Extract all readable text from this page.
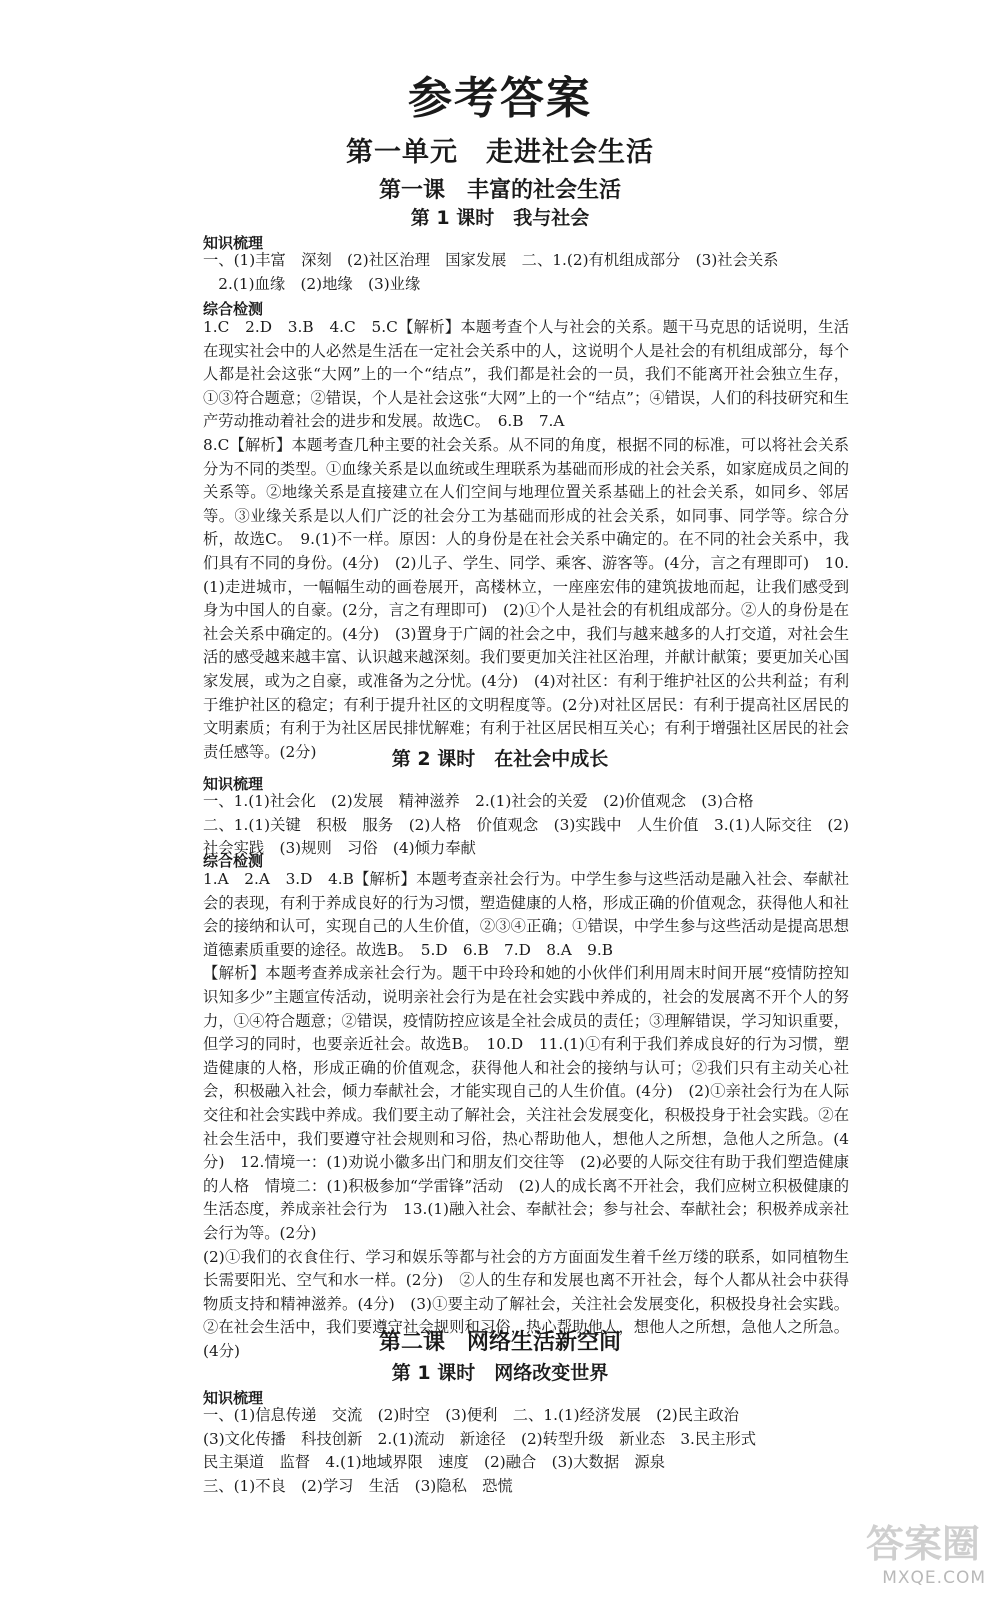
参考答案
第一单元　走进社会生活
第一课　丰富的社会生活
第 1 课时　我与社会
知识梳理
一、(1)丰富　深刻　(2)社区治理　国家发展　二、1.(2)有机组成部分　(3)社会关系
　2.(1)血缘　(2)地缘　(3)业缘
综合检测
1.C　2.D　3.B　4.C　5.C【解析】本题考查个人与社会的关系。题干马克思的话说明，生活在现实社会中的人必然是生活在一定社会关系中的人，这说明个人是社会的有机组成部分，每个人都是社会这张“大网”上的一个“结点”，我们都是社会的一员，我们不能离开社会独立生存，①③符合题意；②错误，个人是社会这张“大网”上的一个“结点”；④错误，人们的科技研究和生产劳动推动着社会的进步和发展。故选C。　6.B　7.A
8.C【解析】本题考查几种主要的社会关系。从不同的角度，根据不同的标准，可以将社会关系分为不同的类型。①血缘关系是以血统或生理联系为基础而形成的社会关系，如家庭成员之间的关系等。②地缘关系是直接建立在人们空间与地理位置关系基础上的社会关系，如同乡、邻居等。③业缘关系是以人们广泛的社会分工为基础而形成的社会关系，如同事、同学等。综合分析，故选C。　9.(1)不一样。原因：人的身份是在社会关系中确定的。在不同的社会关系中，我们具有不同的身份。(4分)　(2)儿子、学生、同学、乘客、游客等。(4分，言之有理即可)　10.(1)走进城市，一幅幅生动的画卷展开，高楼林立，一座座宏伟的建筑拔地而起，让我们感受到身为中国人的自豪。(2分，言之有理即可)　(2)①个人是社会的有机组成部分。②人的身份是在社会关系中确定的。(4分)　(3)置身于广阔的社会之中，我们与越来越多的人打交道，对社会生活的感受越来越丰富、认识越来越深刻。我们要更加关注社区治理，并献计献策；要更加关心国家发展，或为之自豪，或准备为之分忧。(4分)　(4)对社区：有利于维护社区的公共利益；有利于维护社区的稳定；有利于提升社区的文明程度等。(2分)对社区居民：有利于提高社区居民的文明素质；有利于为社区居民排忧解难；有利于社区居民相互关心；有利于增强社区居民的社会责任感等。(2分)	第 2 课时　在社会中成长
知识梳理
一、1.(1)社会化　(2)发展　精神滋养　2.(1)社会的关爱　(2)价值观念　(3)合格
二、1.(1)关键　积极　服务　(2)人格　价值观念　(3)实践中　人生价值　3.(1)人际交往　(2)社会实践　(3)规则　习俗　(4)倾力奉献
综合检测
1.A　2.A　3.D　4.B【解析】本题考查亲社会行为。中学生参与这些活动是融入社会、奉献社会的表现，有利于养成良好的行为习惯，塑造健康的人格，形成正确的价值观念，获得他人和社会的接纳和认可，实现自己的人生价值，②③④正确；①错误，中学生参与这些活动是提高思想道德素质重要的途径。故选B。　5.D　6.B　7.D　8.A　9.B
【解析】本题考查养成亲社会行为。题干中玲玲和她的小伙伴们利用周末时间开展“疫情防控知识知多少”主题宣传活动，说明亲社会行为是在社会实践中养成的，社会的发展离不开个人的努力，①④符合题意；②错误，疫情防控应该是全社会成员的责任；③理解错误，学习知识重要，但学习的同时，也要亲近社会。故选B。　10.D　11.(1)①有利于我们养成良好的行为习惯，塑造健康的人格，形成正确的价值观念，获得他人和社会的接纳与认可；②我们只有主动关心社会，积极融入社会，倾力奉献社会，才能实现自己的人生价值。(4分)　(2)①亲社会行为在人际交往和社会实践中养成。我们要主动了解社会，关注社会发展变化，积极投身于社会实践。②在社会生活中，我们要遵守社会规则和习俗，热心帮助他人，想他人之所想，急他人之所急。(4分)　12.情境一：(1)劝说小徽多出门和朋友们交往等　(2)必要的人际交往有助于我们塑造健康的人格　情境二：(1)积极参加“学雷锋”活动　(2)人的成长离不开社会，我们应树立积极健康的生活态度，养成亲社会行为　13.(1)融入社会、奉献社会；参与社会、奉献社会；积极养成亲社会行为等。(2分)
(2)①我们的衣食住行、学习和娱乐等都与社会的方方面面发生着千丝万缕的联系，如同植物生长需要阳光、空气和水一样。(2分)　②人的生存和发展也离不开社会，每个人都从社会中获得物质支持和精神滋养。(4分)　(3)①要主动了解社会，关注社会发展变化，积极投身社会实践。②在社会生活中，我们要遵守社会规则和习俗，热心帮助他人，想他人之所想，急他人之所急。(4分)	第二课　网络生活新空间
第 1 课时　网络改变世界
知识梳理
一、(1)信息传递　交流　(2)时空　(3)便利　二、1.(1)经济发展　(2)民主政治
(3)文化传播　科技创新　2.(1)流动　新途径　(2)转型升级　新业态　3.民主形式
民主渠道　监督　4.(1)地域界限　速度　(2)融合　(3)大数据　源泉
三、(1)不良　(2)学习　生活　(3)隐私　恐慌
答案圈
MXQE.COM
